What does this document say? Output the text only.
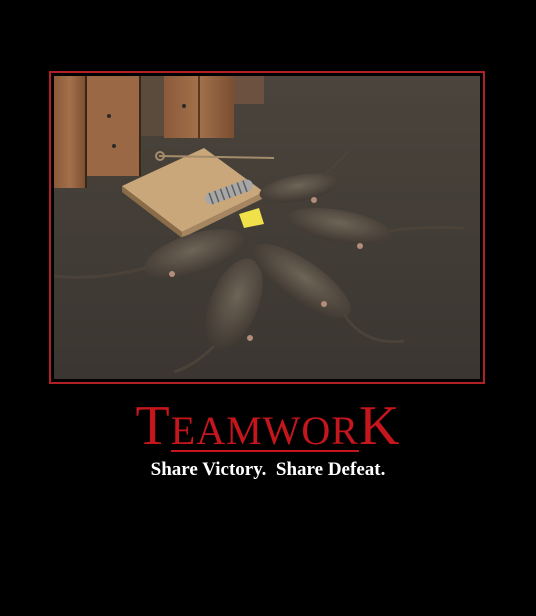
TEAMWORK
Share Victory.  Share Defeat.
